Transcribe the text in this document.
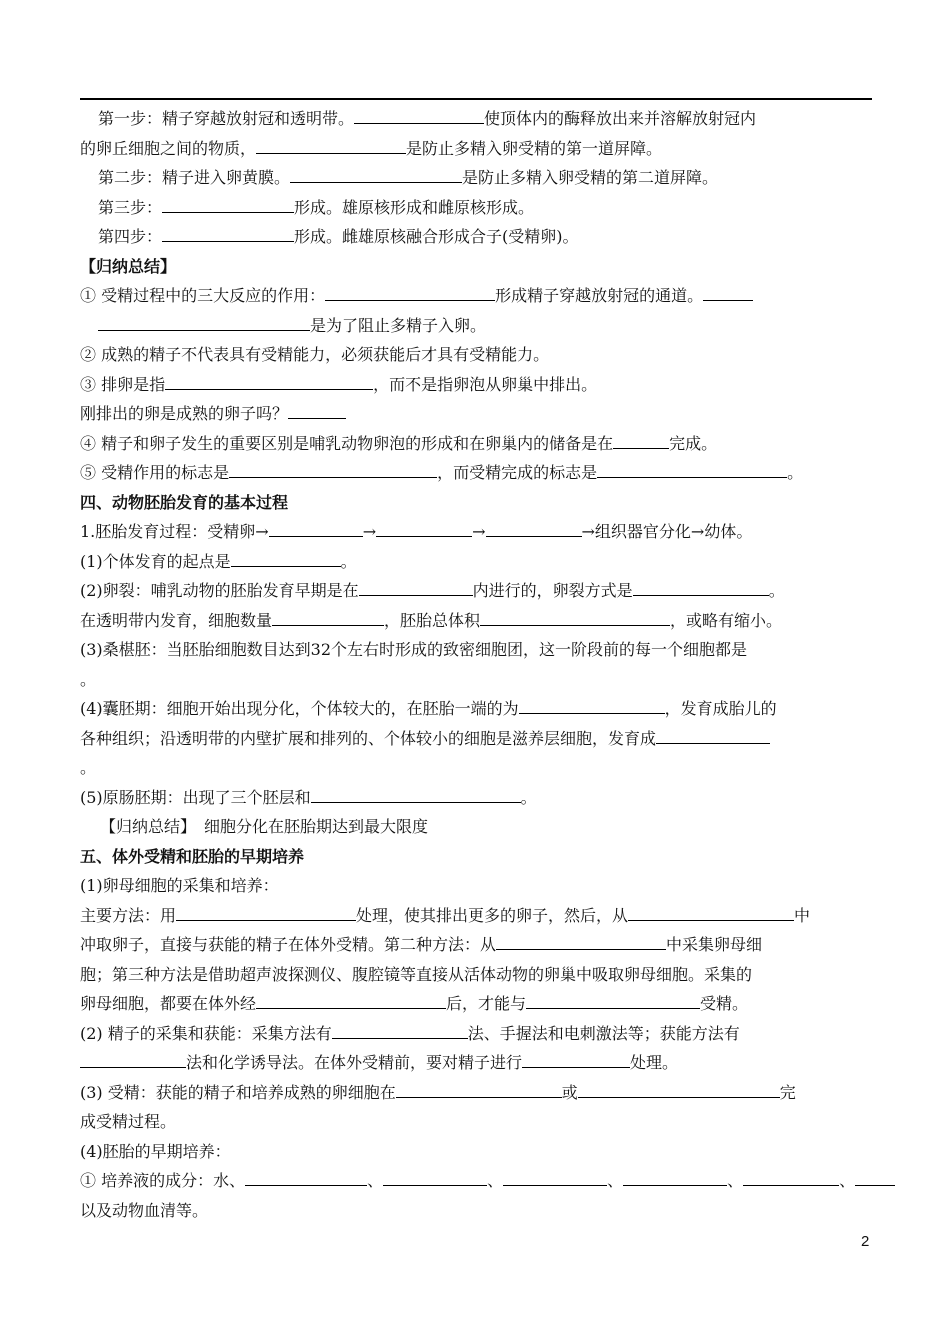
第一步：精子穿越放射冠和透明带。	使顶体内的酶释放出来并溶解放射冠内
的卵丘细胞之间的物质，	是防止多精入卵受精的第一道屏障。
第二步：精子进入卵黄膜。	是防止多精入卵受精的第二道屏障。
第三步：	形成。雄原核形成和雌原核形成。
第四步：	形成。雌雄原核融合形成合子(受精卵)。
【归纳总结】
① 受精过程中的三大反应的作用：	形成精子穿越放射冠的通道。
是为了阻止多精子入卵。
② 成熟的精子不代表具有受精能力，必须获能后才具有受精能力。
③ 排卵是指	，而不是指卵泡从卵巢中排出。
刚排出的卵是成熟的卵子吗？
④ 精子和卵子发生的重要区别是哺乳动物卵泡的形成和在卵巢内的储备是在	完成。
⑤ 受精作用的标志是	，而受精完成的标志是	。
四、动物胚胎发育的基本过程
1.胚胎发育过程：受精卵→	→	→	→组织器官分化→幼体。
(1)个体发育的起点是	。
(2)卵裂：哺乳动物的胚胎发育早期是在	内进行的，卵裂方式是	。
在透明带内发育，细胞数量	，胚胎总体积	，或略有缩小。
(3)桑椹胚：当胚胎细胞数目达到32个左右时形成的致密细胞团，这一阶段前的每一个细胞都是
。
(4)囊胚期：细胞开始出现分化，个体较大的，在胚胎一端的为	，发育成胎儿的
各种组织；沿透明带的内壁扩展和排列的、个体较小的细胞是滋养层细胞，发育成
。
(5)原肠胚期：出现了三个胚层和	。
【归纳总结】　细胞分化在胚胎期达到最大限度
五、体外受精和胚胎的早期培养
(1)卵母细胞的采集和培养：
主要方法：用	处理，使其排出更多的卵子，然后，从	中
冲取卵子，直接与获能的精子在体外受精。第二种方法：从	中采集卵母细
胞；第三种方法是借助超声波探测仪、腹腔镜等直接从活体动物的卵巢中吸取卵母细胞。采集的
卵母细胞，都要在体外经	后，才能与	受精。
(2) 精子的采集和获能：采集方法有	法、手握法和电刺激法等；获能方法有
法和化学诱导法。在体外受精前，要对精子进行	处理。
(3) 受精：获能的精子和培养成熟的卵细胞在	或	完
成受精过程。
(4)胚胎的早期培养：
① 培养液的成分：水、	、	、	、	、	、
以及动物血清等。
2
